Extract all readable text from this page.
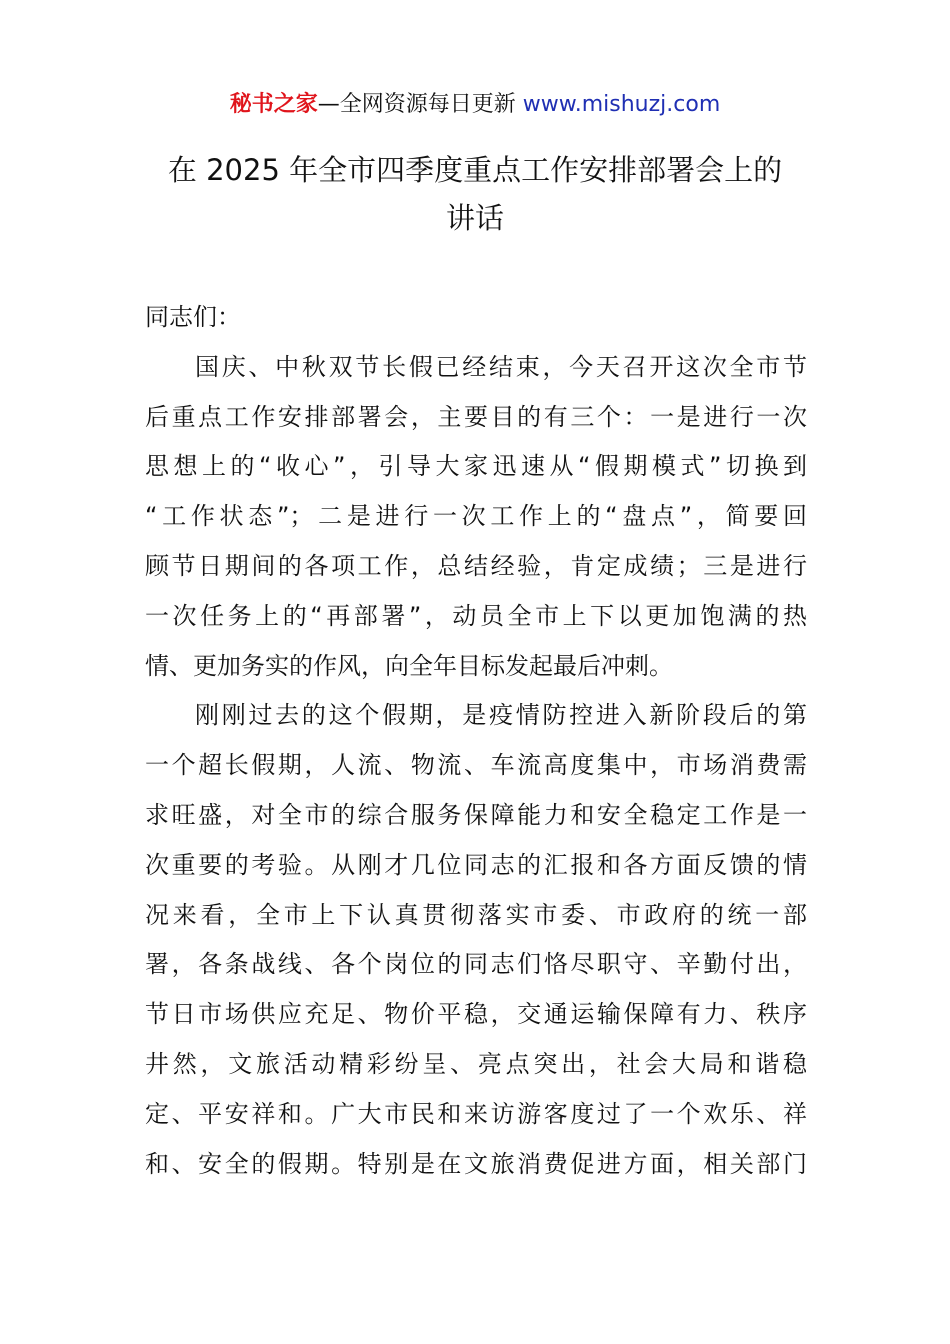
秘书之家—全网资源每日更新 www.mishuzj.com
在 2025 年全市四季度重点工作安排部署会上的
讲话
同志们：
国庆、中秋双节长假已经结束，今天召开这次全市节
后重点工作安排部署会，主要目的有三个：一是进行一次
思想上的“收心”，引导大家迅速从“假期模式”切换到
“工作状态”；二是进行一次工作上的“盘点”，简要回
顾节日期间的各项工作，总结经验，肯定成绩；三是进行
一次任务上的“再部署”，动员全市上下以更加饱满的热
情、更加务实的作风，向全年目标发起最后冲刺。
刚刚过去的这个假期，是疫情防控进入新阶段后的第
一个超长假期，人流、物流、车流高度集中，市场消费需
求旺盛，对全市的综合服务保障能力和安全稳定工作是一
次重要的考验。从刚才几位同志的汇报和各方面反馈的情
况来看，全市上下认真贯彻落实市委、市政府的统一部
署，各条战线、各个岗位的同志们恪尽职守、辛勤付出，
节日市场供应充足、物价平稳，交通运输保障有力、秩序
井然，文旅活动精彩纷呈、亮点突出，社会大局和谐稳
定、平安祥和。广大市民和来访游客度过了一个欢乐、祥
和、安全的假期。特别是在文旅消费促进方面，相关部门
